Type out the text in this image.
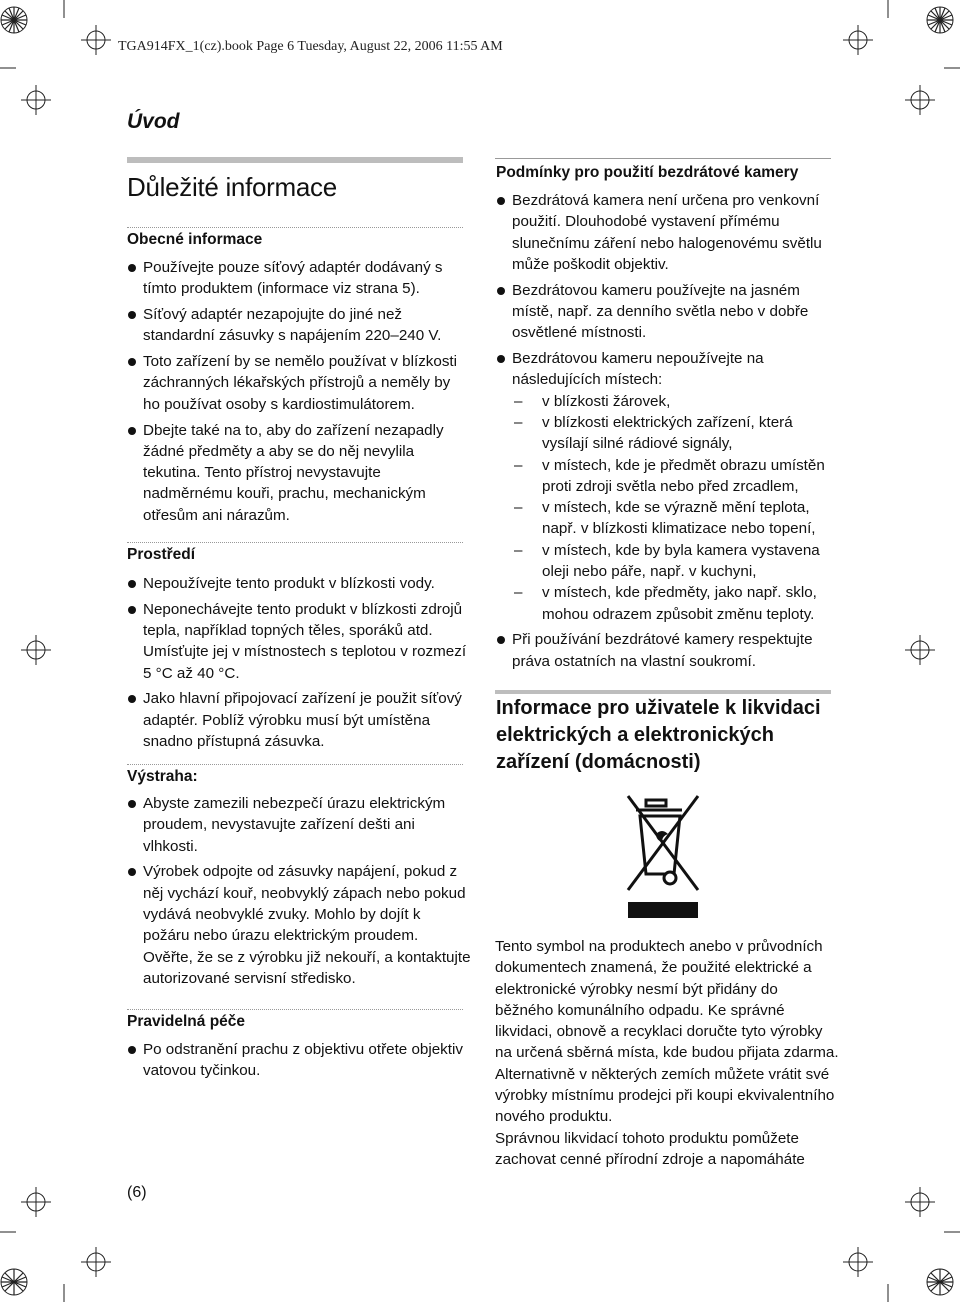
TGA914FX_1(cz).book Page 6 Tuesday, August 22, 2006 11:55 AM
Úvod
Důležité informace
Obecné informace
Používejte pouze síťový adaptér dodávaný s tímto produktem (informace viz strana 5).
Síťový adaptér nezapojujte do jiné než standardní zásuvky s napájením 220–240 V.
Toto zařízení by se nemělo používat v blízkosti záchranných lékařských přístrojů a neměly by ho používat osoby s kardiostimulátorem.
Dbejte také na to, aby do zařízení nezapadly žádné předměty a aby se do něj nevylila tekutina. Tento přístroj nevystavujte nadměrnému kouři, prachu, mechanickým otřesům ani nárazům.
Prostředí
Nepoužívejte tento produkt v blízkosti vody.
Neponechávejte tento produkt v blízkosti zdrojů tepla, například topných těles, sporáků atd. Umísťujte jej v místnostech s teplotou v rozmezí 5 °C až 40 °C.
Jako hlavní připojovací zařízení je použit síťový adaptér. Poblíž výrobku musí být umístěna snadno přístupná zásuvka.
Výstraha:
Abyste zamezili nebezpečí úrazu elektrickým proudem, nevystavujte zařízení dešti ani vlhkosti.
Výrobek odpojte od zásuvky napájení, pokud z něj vychází kouř, neobvyklý zápach nebo pokud vydává neobvyklé zvuky. Mohlo by dojít k požáru nebo úrazu elektrickým proudem. Ověřte, že se z výrobku již nekouří, a kontaktujte autorizované servisní středisko.
Pravidelná péče
Po odstranění prachu z objektivu otřete objektiv vatovou tyčinkou.
(6)
Podmínky pro použití bezdrátové kamery
Bezdrátová kamera není určena pro venkovní použití. Dlouhodobé vystavení přímému slunečnímu záření nebo halogenovému světlu může poškodit objektiv.
Bezdrátovou kameru používejte na jasném místě, např. za denního světla nebo v dobře osvětlené místnosti.
Bezdrátovou kameru nepoužívejte na následujících místech:
– v blízkosti žárovek,
– v blízkosti elektrických zařízení, která vysílají silné rádiové signály,
– v místech, kde je předmět obrazu umístěn proti zdroji světla nebo před zrcadlem,
– v místech, kde se výrazně mění teplota, např. v blízkosti klimatizace nebo topení,
– v místech, kde by byla kamera vystavena oleji nebo páře, např. v kuchyni,
– v místech, kde předměty, jako např. sklo, mohou odrazem způsobit změnu teploty.
Při používání bezdrátové kamery respektujte práva ostatních na vlastní soukromí.
Informace pro uživatele k likvidaci elektrických a elektronických zařízení (domácnosti)
Tento symbol na produktech anebo v průvodních dokumentech znamená, že použité elektrické a elektronické výrobky nesmí být přidány do běžného komunálního odpadu. Ke správné likvidaci, obnově a recyklaci doručte tyto výrobky na určená sběrná místa, kde budou přijata zdarma. Alternativně v některých zemích můžete vrátit své výrobky místnímu prodejci při koupi ekvivalentního nového produktu.
Správnou likvidací tohoto produktu pomůžete zachovat cenné přírodní zdroje a napomáháte
